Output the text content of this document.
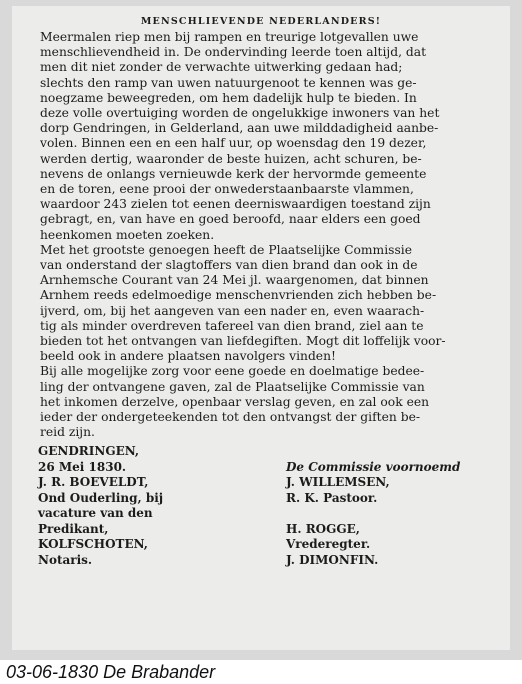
MENSCHLIEVENDE NEDERLANDERS!

Meermalen riep men bij rampen en treurige lotgevallen uwe
menschlievendheid in. De ondervinding leerde toen altijd, dat
men dit niet zonder de verwachte uitwerking gedaan had;
slechts den ramp van uwen natuurgenoot te kennen was ge-
noegzame beweegreden, om hem dadelijk hulp te bieden. In
deze volle overtuiging worden de ongelukkige inwoners van het
dorp Gendringen, in Gelderland, aan uwe milddadigheid aanbe-
volen. Binnen een en een half uur, op woensdag den 19 dezer,
werden dertig, waaronder de beste huizen, acht schuren, be-
nevens de onlangs vernieuwde kerk der hervormde gemeente
en de toren, eene prooi der onwederstaanbaarste vlammen,
waardoor 243 zielen tot eenen deerniswaardigen toestand zijn
gebragt, en, van have en goed beroofd, naar elders een goed
heenkomen moeten zoeken.

Met het grootste genoegen heeft de Plaatselijke Commissie
van onderstand der slagtoffers van dien brand dan ook in de
Arnhemsche Courant van 24 Mei jl. waargenomen, dat binnen
Arnhem reeds edelmoedige menschenvrienden zich hebben be-
ijverd, om, bij het aangeven van een nader en, even waarach-
tig als minder overdreven tafereel van dien brand, ziel aan te
bieden tot het ontvangen van liefdegiften. Mogt dit loffelijk voor-
beeld ook in andere plaatsen navolgers vinden!

Bij alle mogelijke zorg voor eene goede en doelmatige bedee-
ling der ontvangene gaven, zal de Plaatselijke Commissie van
het inkomen derzelve, openbaar verslag geven, en zal ook een
ieder der ondergeteekenden tot den ontvangst der giften be-
reid zijn.

GENDRINGEN,
26 Mei 1830.	De Commissie voornoemd
J. R. BOEVELDT,	J. WILLEMSEN,
Ond Ouderling, bij	R. K. Pastoor.
vacature van den
Predikant,	H. ROGGE,
KOLFSCHOTEN,	Vrederegter.
Notaris.	J. DIMONFIN.
03-06-1830 De Brabander
